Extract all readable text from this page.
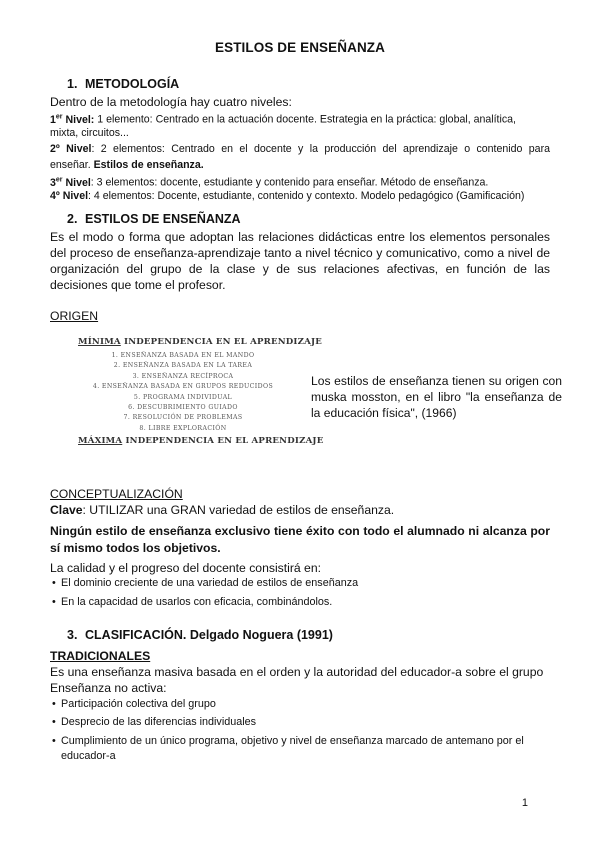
ESTILOS DE ENSEÑANZA
1. METODOLOGÍA
Dentro de la metodología hay cuatro niveles:
1er Nivel: 1 elemento: Centrado en la actuación docente. Estrategia en la práctica: global, analítica,
mixta, circuitos...
2º Nivel: 2 elementos: Centrado en el docente y la producción del aprendizaje o contenido para
enseñar. Estilos de enseñanza.
3er Nivel: 3 elementos: docente, estudiante y contenido para enseñar. Método de enseñanza.
4º Nivel: 4 elementos: Docente, estudiante, contenido y contexto. Modelo pedagógico (Gamificación)
2. ESTILOS DE ENSEÑANZA
Es el modo o forma que adoptan las relaciones didácticas entre los elementos personales
del proceso de enseñanza-aprendizaje tanto a nivel técnico y comunicativo, como a nivel de
organización del grupo de la clase y de sus relaciones afectivas, en función de las
decisiones que tome el profesor.
ORIGEN
MÍNIMA INDEPENDENCIA EN EL APRENDIZAJE
1. ENSEÑANZA BASADA EN EL MANDO
2. ENSEÑANZA BASADA EN LA TAREA
3. ENSEÑANZA RECÍPROCA
4. ENSEÑANZA BASADA EN GRUPOS REDUCIDOS
5. PROGRAMA INDIVIDUAL
6. DESCUBRIMIENTO GUIADO
7. RESOLUCIÓN DE PROBLEMAS
8. LIBRE EXPLORACIÓN
MÁXIMA INDEPENDENCIA EN EL APRENDIZAJE
Los estilos de enseñanza tienen su origen con muska mosston, en el libro "la enseñanza de la educación física", (1966)
CONCEPTUALIZACIÓN
Clave: UTILIZAR una GRAN variedad de estilos de enseñanza.
Ningún estilo de enseñanza exclusivo tiene éxito con todo el alumnado ni alcanza por
sí mismo todos los objetivos.
La calidad y el progreso del docente consistirá en:
• El dominio creciente de una variedad de estilos de enseñanza
• En la capacidad de usarlos con eficacia, combinándolos.
3. CLASIFICACIÓN. Delgado Noguera (1991)
TRADICIONALES
Es una enseñanza masiva basada en el orden y la autoridad del educador-a sobre el grupo
Enseñanza no activa:
• Participación colectiva del grupo
• Desprecio de las diferencias individuales
• Cumplimiento de un único programa, objetivo y nivel de enseñanza marcado de antemano por el
educador-a
1
